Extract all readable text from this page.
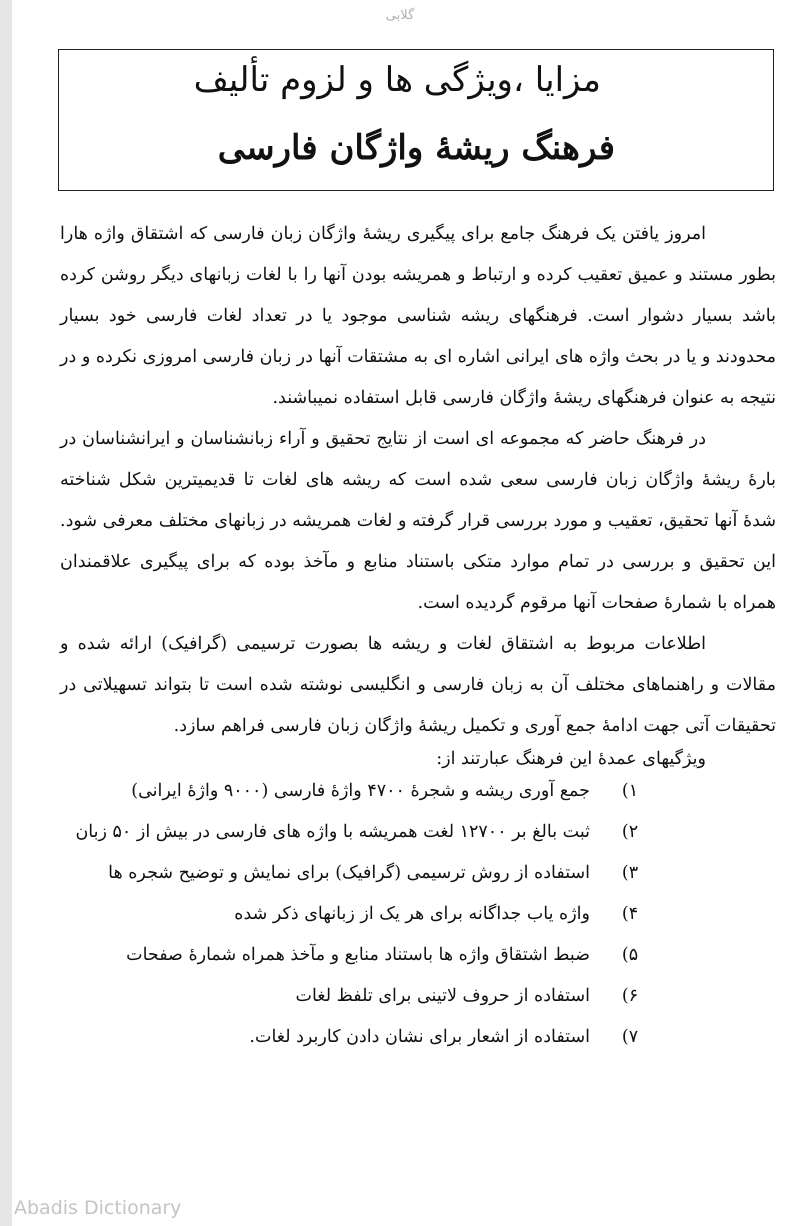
گلابی
مزایا ،ویژگی ها و لزوم تألیف
فرهنگ ریشهٔ واژگان فارسی

امروز یافتن یک فرهنگ جامع برای پیگیری ریشهٔ واژگان زبان فارسی که اشتقاق واژه هارا بطور مستند و عمیق تعقیب کرده و ارتباط و همریشه بودن آنها را با لغات زبانهای دیگر روشن کرده باشد بسیار دشوار است. فرهنگهای ریشه شناسی موجود یا در تعداد لغات فارسی خود بسیار محدودند و یا در بحث واژه های ایرانی اشاره ای به مشتقات آنها در زبان فارسی امروزی نکرده و در نتیجه به عنوان فرهنگهای ریشهٔ واژگان فارسی قابل استفاده نمیباشند.

در فرهنگ حاضر که مجموعه ای است از نتایج تحقیق و آراء زبانشناسان و ایرانشناسان در بارهٔ ریشهٔ واژگان زبان فارسی سعی شده است که ریشه های لغات تا قدیمیترین شکل شناخته شدهٔ آنها تحقیق، تعقیب و مورد بررسی قرار گرفته و لغات همریشه در زبانهای مختلف معرفی شود. این تحقیق و بررسی در تمام موارد متکی باستناد منابع و مآخذ بوده که برای پیگیری علاقمندان همراه با شمارهٔ صفحات آنها مرقوم گردیده است.

اطلاعات مربوط به اشتقاق لغات و ریشه ها بصورت ترسیمی (گرافیک) ارائه شده و مقالات و راهنماهای مختلف آن به زبان فارسی و انگلیسی نوشته شده است تا بتواند تسهیلاتی در تحقیقات آتی جهت ادامهٔ جمع آوری و تکمیل ریشهٔ واژگان زبان فارسی فراهم سازد.

ویژگیهای عمدهٔ این فرهنگ عبارتند از:

۱)
جمع آوری ریشه و شجرهٔ ۴۷۰۰ واژهٔ فارسی (۹۰۰۰ واژهٔ ایرانی)
۲)
ثبت بالغ بر ۱۲۷۰۰ لغت همریشه با واژه های فارسی در بیش از ۵۰ زبان
۳)
استفاده از روش ترسیمی (گرافیک) برای نمایش و توضیح شجره ها
۴)
واژه یاب جداگانه برای هر یک از زبانهای ذکر شده
۵)
ضبط اشتقاق واژه ها باستناد منابع و مآخذ همراه شمارهٔ صفحات
۶)
استفاده از حروف لاتینی برای تلفظ لغات
۷)
استفاده از اشعار برای نشان دادن کاربرد لغات.
Abadis Dictionary
